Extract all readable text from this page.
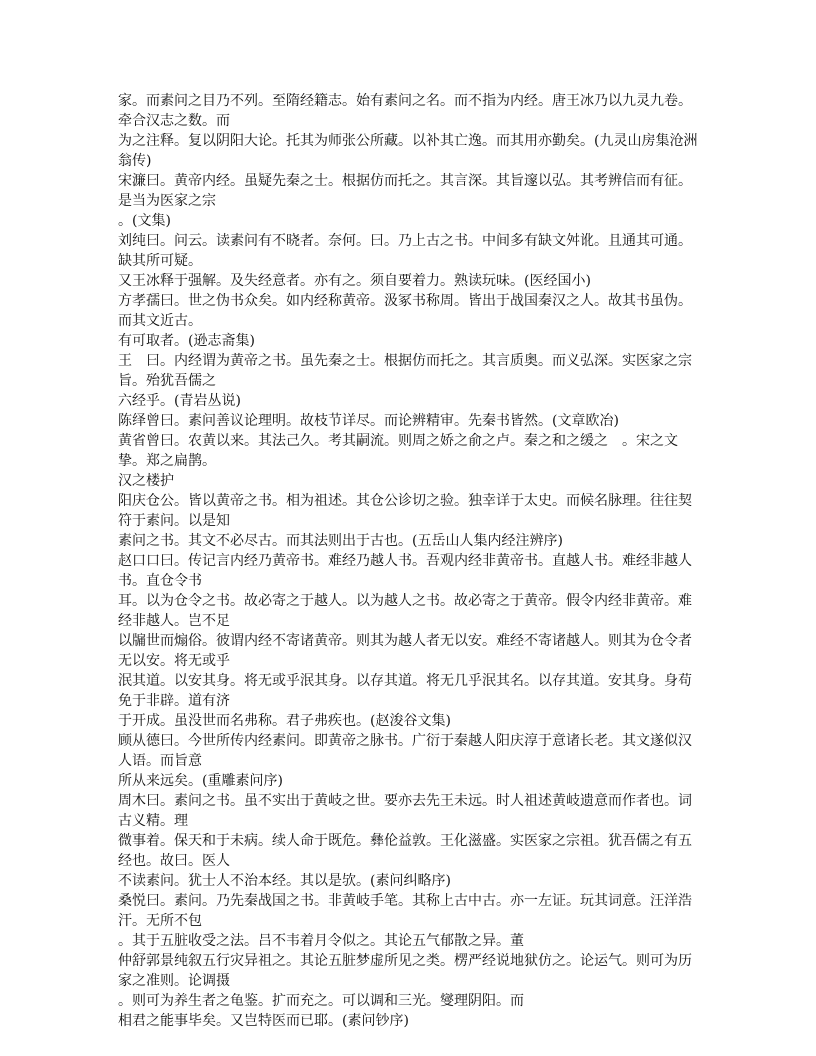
家。而素问之目乃不列。至隋经籍志。始有素问之名。而不指为内经。唐王冰乃以九灵九卷。牵合汉志之数。而

为之注释。复以阴阳大论。托其为师张公所藏。以补其亡逸。而其用亦勤矣。(九灵山房集沧洲翁传)

宋濂曰。黄帝内经。虽疑先秦之士。根据仿而托之。其言深。其旨邃以弘。其考辨信而有征。是当为医家之宗

。(文集)

刘纯曰。问云。读素问有不晓者。奈何。曰。乃上古之书。中间多有缺文舛讹。且通其可通。缺其所可疑。

又王冰释于强解。及失经意者。亦有之。须自要着力。熟读玩味。(医经国小)

方孝孺曰。世之伪书众矣。如内经称黄帝。汲冢书称周。皆出于战国秦汉之人。故其书虽伪。而其文近古。

有可取者。(逊志斋集)

王　曰。内经谓为黄帝之书。虽先秦之士。根据仿而托之。其言质奥。而义弘深。实医家之宗旨。殆犹吾儒之

六经乎。(青岩丛说)

陈绎曾曰。素问善议论理明。故枝节详尽。而论辨精审。先秦书皆然。(文章欧冶)

黄省曾曰。农黄以来。其法己久。考其嗣流。则周之娇之俞之卢。秦之和之缓之　。宋之文挚。郑之扁鹊。

汉之楼护

阳庆仓公。皆以黄帝之书。相为祖述。其仓公诊切之验。独幸详于太史。而候名脉理。往往契符于素问。以是知

素问之书。其文不必尽古。而其法则出于古也。(五岳山人集内经注辨序)

赵口口曰。传记言内经乃黄帝书。难经乃越人书。吾观内经非黄帝书。直越人书。难经非越人书。直仓令书

耳。以为仓令之书。故必寄之于越人。以为越人之书。故必寄之于黄帝。假令内经非黄帝。难经非越人。岂不足

以牖世而煽俗。彼谓内经不寄诸黄帝。则其为越人者无以安。难经不寄诸越人。则其为仓令者无以安。将无或乎

泯其道。以安其身。将无或乎泯其身。以存其道。将无几乎泯其名。以存其道。安其身。身苟免于非辟。道有济

于开成。虽没世而名弗称。君子弗疾也。(赵浚谷文集)

顾从德曰。今世所传内经素问。即黄帝之脉书。广衍于秦越人阳庆淳于意诸长老。其文遂似汉人语。而旨意

所从来远矣。(重雕素问序)

周木曰。素问之书。虽不实出于黄岐之世。要亦去先王未远。时人祖述黄岐遗意而作者也。词古义精。理

微事着。保天和于未病。续人命于既危。彝伦益敦。王化滋盛。实医家之宗祖。犹吾儒之有五经也。故曰。医人

不读素问。犹士人不治本经。其以是欤。(素问纠略序)

桑悦曰。素问。乃先秦战国之书。非黄岐手笔。其称上古中古。亦一左证。玩其词意。汪洋浩汗。无所不包

。其于五脏收受之法。吕不韦着月令似之。其论五气郁散之异。董

仲舒郭景纯叙五行灾异祖之。其论五脏梦虚所见之类。楞严经说地狱仿之。论运气。则可为历家之准则。论调摄

。则可为养生者之龟鉴。扩而充之。可以调和三光。燮理阴阳。而

相君之能事毕矣。又岂特医而已耶。(素问钞序)
